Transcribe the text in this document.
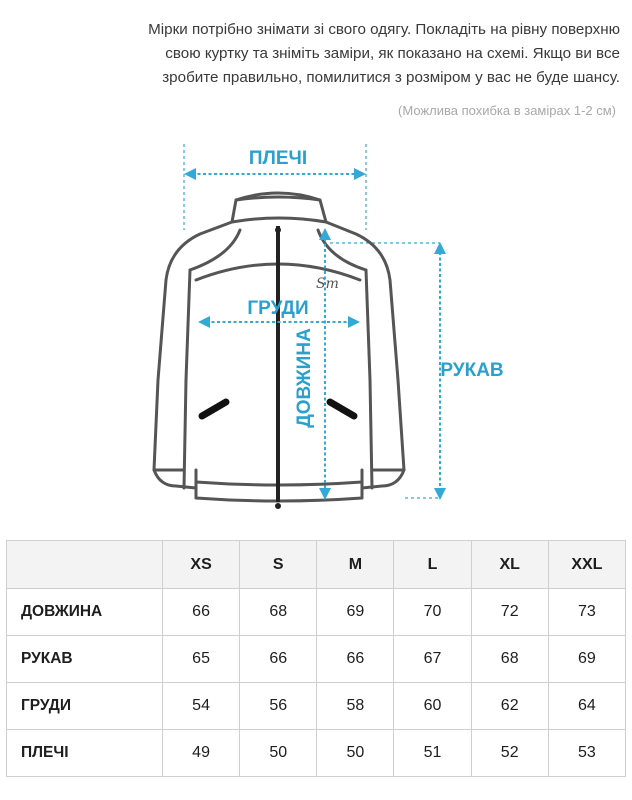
Мірки потрібно знімати зі свого одягу. Покладіть на рівну поверхню
свою куртку та зніміть заміри, як показано на схемі. Якщо ви все
зробите правильно, помилитися з розміром у вас не буде шансу.
(Можлива похибка в замірах 1-2 см)
Sm
ПЛЕЧІ
ГРУДИ
ДОВЖИНА	РУКАВ
	XS	S	M	L	XL	XXL
ДОВЖИНА	66	68	69	70	72	73
РУКАВ	65	66	66	67	68	69
ГРУДИ	54	56	58	60	62	64
ПЛЕЧІ	49	50	50	51	52	53
